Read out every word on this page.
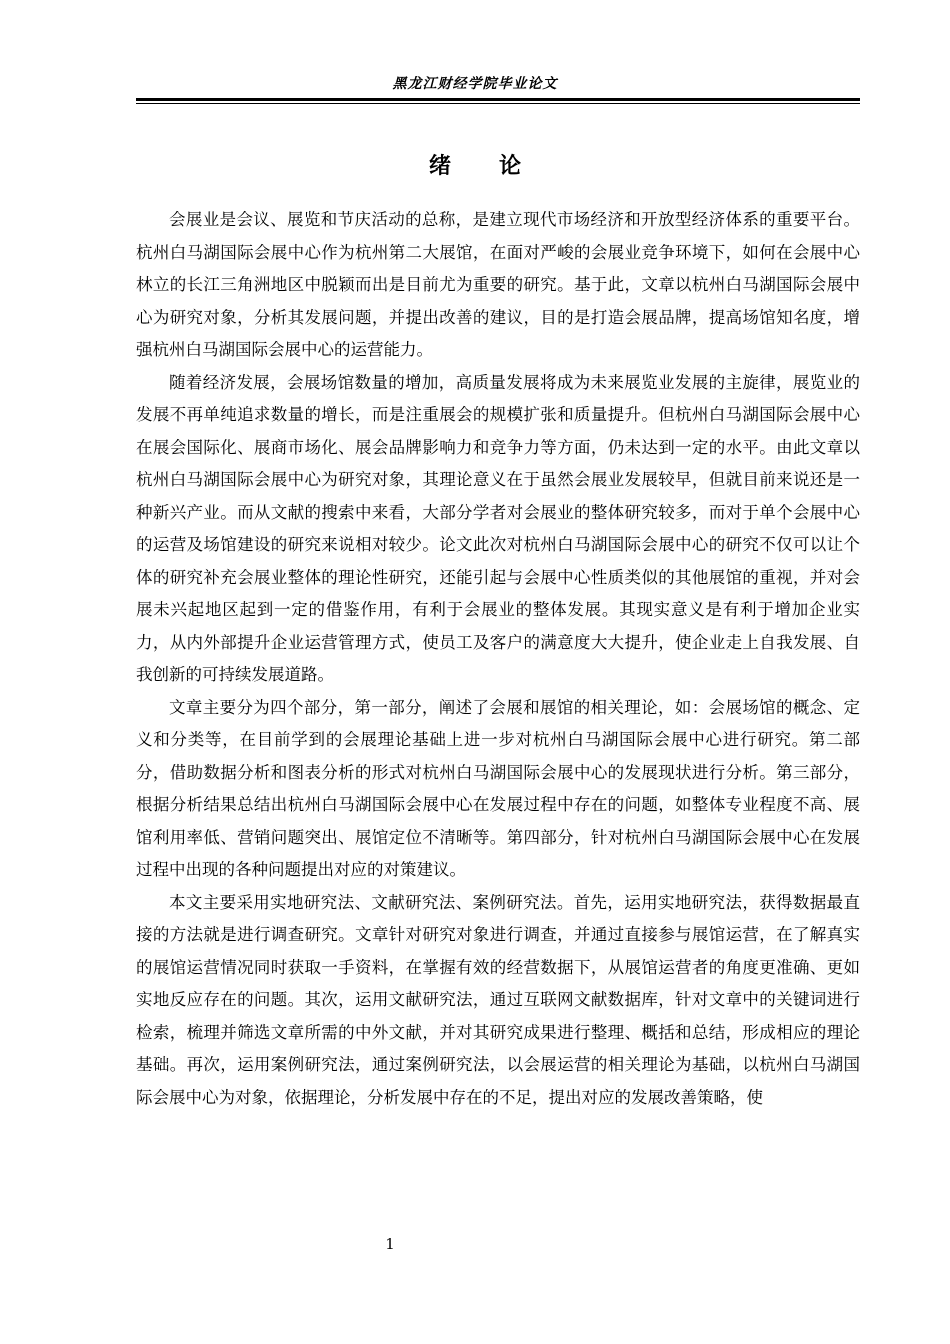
黑龙江财经学院毕业论文
绪论

会展业是会议、展览和节庆活动的总称，是建立现代市场经济和开放型经济体系的重要平台。杭州白马湖国际会展中心作为杭州第二大展馆，在面对严峻的会展业竞争环境下，如何在会展中心林立的长江三角洲地区中脱颖而出是目前尤为重要的研究。基于此，文章以杭州白马湖国际会展中心为研究对象，分析其发展问题，并提出改善的建议，目的是打造会展品牌，提高场馆知名度，增强杭州白马湖国际会展中心的运营能力。

随着经济发展，会展场馆数量的增加，高质量发展将成为未来展览业发展的主旋律，展览业的发展不再单纯追求数量的增长，而是注重展会的规模扩张和质量提升。但杭州白马湖国际会展中心在展会国际化、展商市场化、展会品牌影响力和竞争力等方面，仍未达到一定的水平。由此文章以杭州白马湖国际会展中心为研究对象，其理论意义在于虽然会展业发展较早，但就目前来说还是一种新兴产业。而从文献的搜索中来看，大部分学者对会展业的整体研究较多，而对于单个会展中心的运营及场馆建设的研究来说相对较少。论文此次对杭州白马湖国际会展中心的研究不仅可以让个体的研究补充会展业整体的理论性研究，还能引起与会展中心性质类似的其他展馆的重视，并对会展未兴起地区起到一定的借鉴作用，有利于会展业的整体发展。其现实意义是有利于增加企业实力，从内外部提升企业运营管理方式，使员工及客户的满意度大大提升，使企业走上自我发展、自我创新的可持续发展道路。

文章主要分为四个部分，第一部分，阐述了会展和展馆的相关理论，如：会展场馆的概念、定义和分类等，在目前学到的会展理论基础上进一步对杭州白马湖国际会展中心进行研究。第二部分，借助数据分析和图表分析的形式对杭州白马湖国际会展中心的发展现状进行分析。第三部分，根据分析结果总结出杭州白马湖国际会展中心在发展过程中存在的问题，如整体专业程度不高、展馆利用率低、营销问题突出、展馆定位不清晰等。第四部分，针对杭州白马湖国际会展中心在发展过程中出现的各种问题提出对应的对策建议。

本文主要采用实地研究法、文献研究法、案例研究法。首先，运用实地研究法，获得数据最直接的方法就是进行调查研究。文章针对研究对象进行调查，并通过直接参与展馆运营，在了解真实的展馆运营情况同时获取一手资料，在掌握有效的经营数据下，从展馆运营者的角度更准确、更如实地反应存在的问题。其次，运用文献研究法，通过互联网文献数据库，针对文章中的关键词进行检索，梳理并筛选文章所需的中外文献，并对其研究成果进行整理、概括和总结，形成相应的理论基础。再次，运用案例研究法，通过案例研究法，以会展运营的相关理论为基础，以杭州白马湖国际会展中心为对象，依据理论，分析发展中存在的不足，提出对应的发展改善策略，使

1
